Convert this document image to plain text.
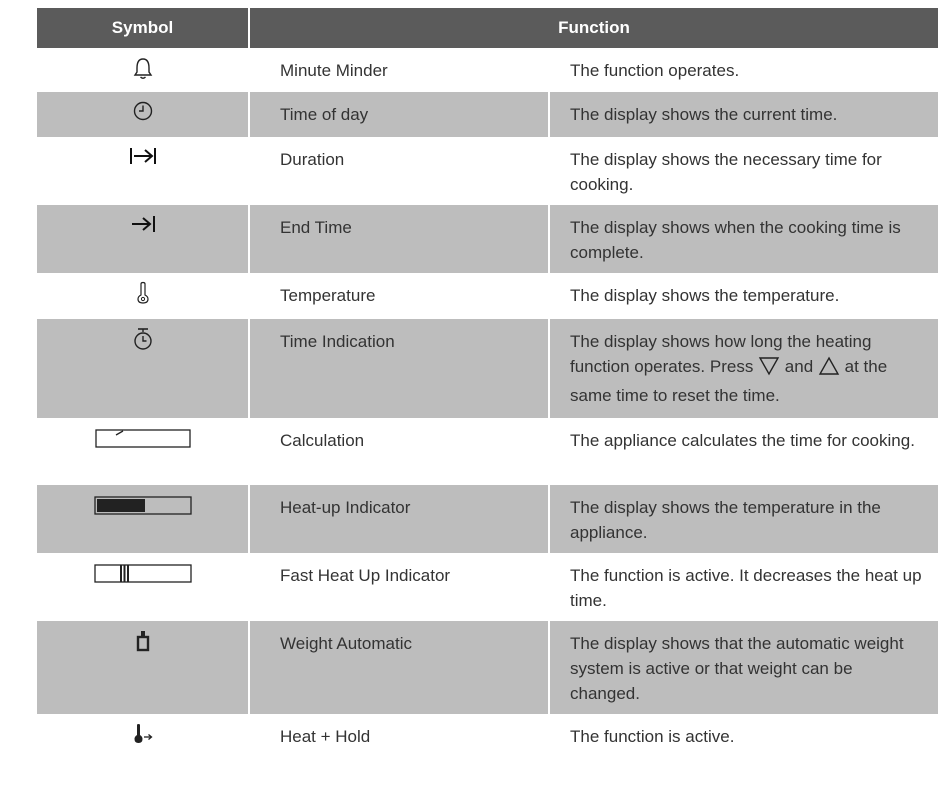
Symbol	Function	
	Minute Minder	The function operates.
	Time of day	The display shows the current time.
	Duration	The display shows the necessary time for cooking.
	End Time	The display shows when the cooking time is complete.
	Temperature	The display shows the temperature.
	Time Indication	The display shows how long the heating function operates. Press and at the same time to reset the time.
	Calculation	The appliance calculates the time for cooking.
	Heat-up Indicator	The display shows the temperature in the appliance.
	Fast Heat Up Indicator	The function is active. It decreases the heat up time.
	Weight Automatic	The display shows that the automatic weight system is active or that weight can be changed.
	Heat + Hold	The function is active.
